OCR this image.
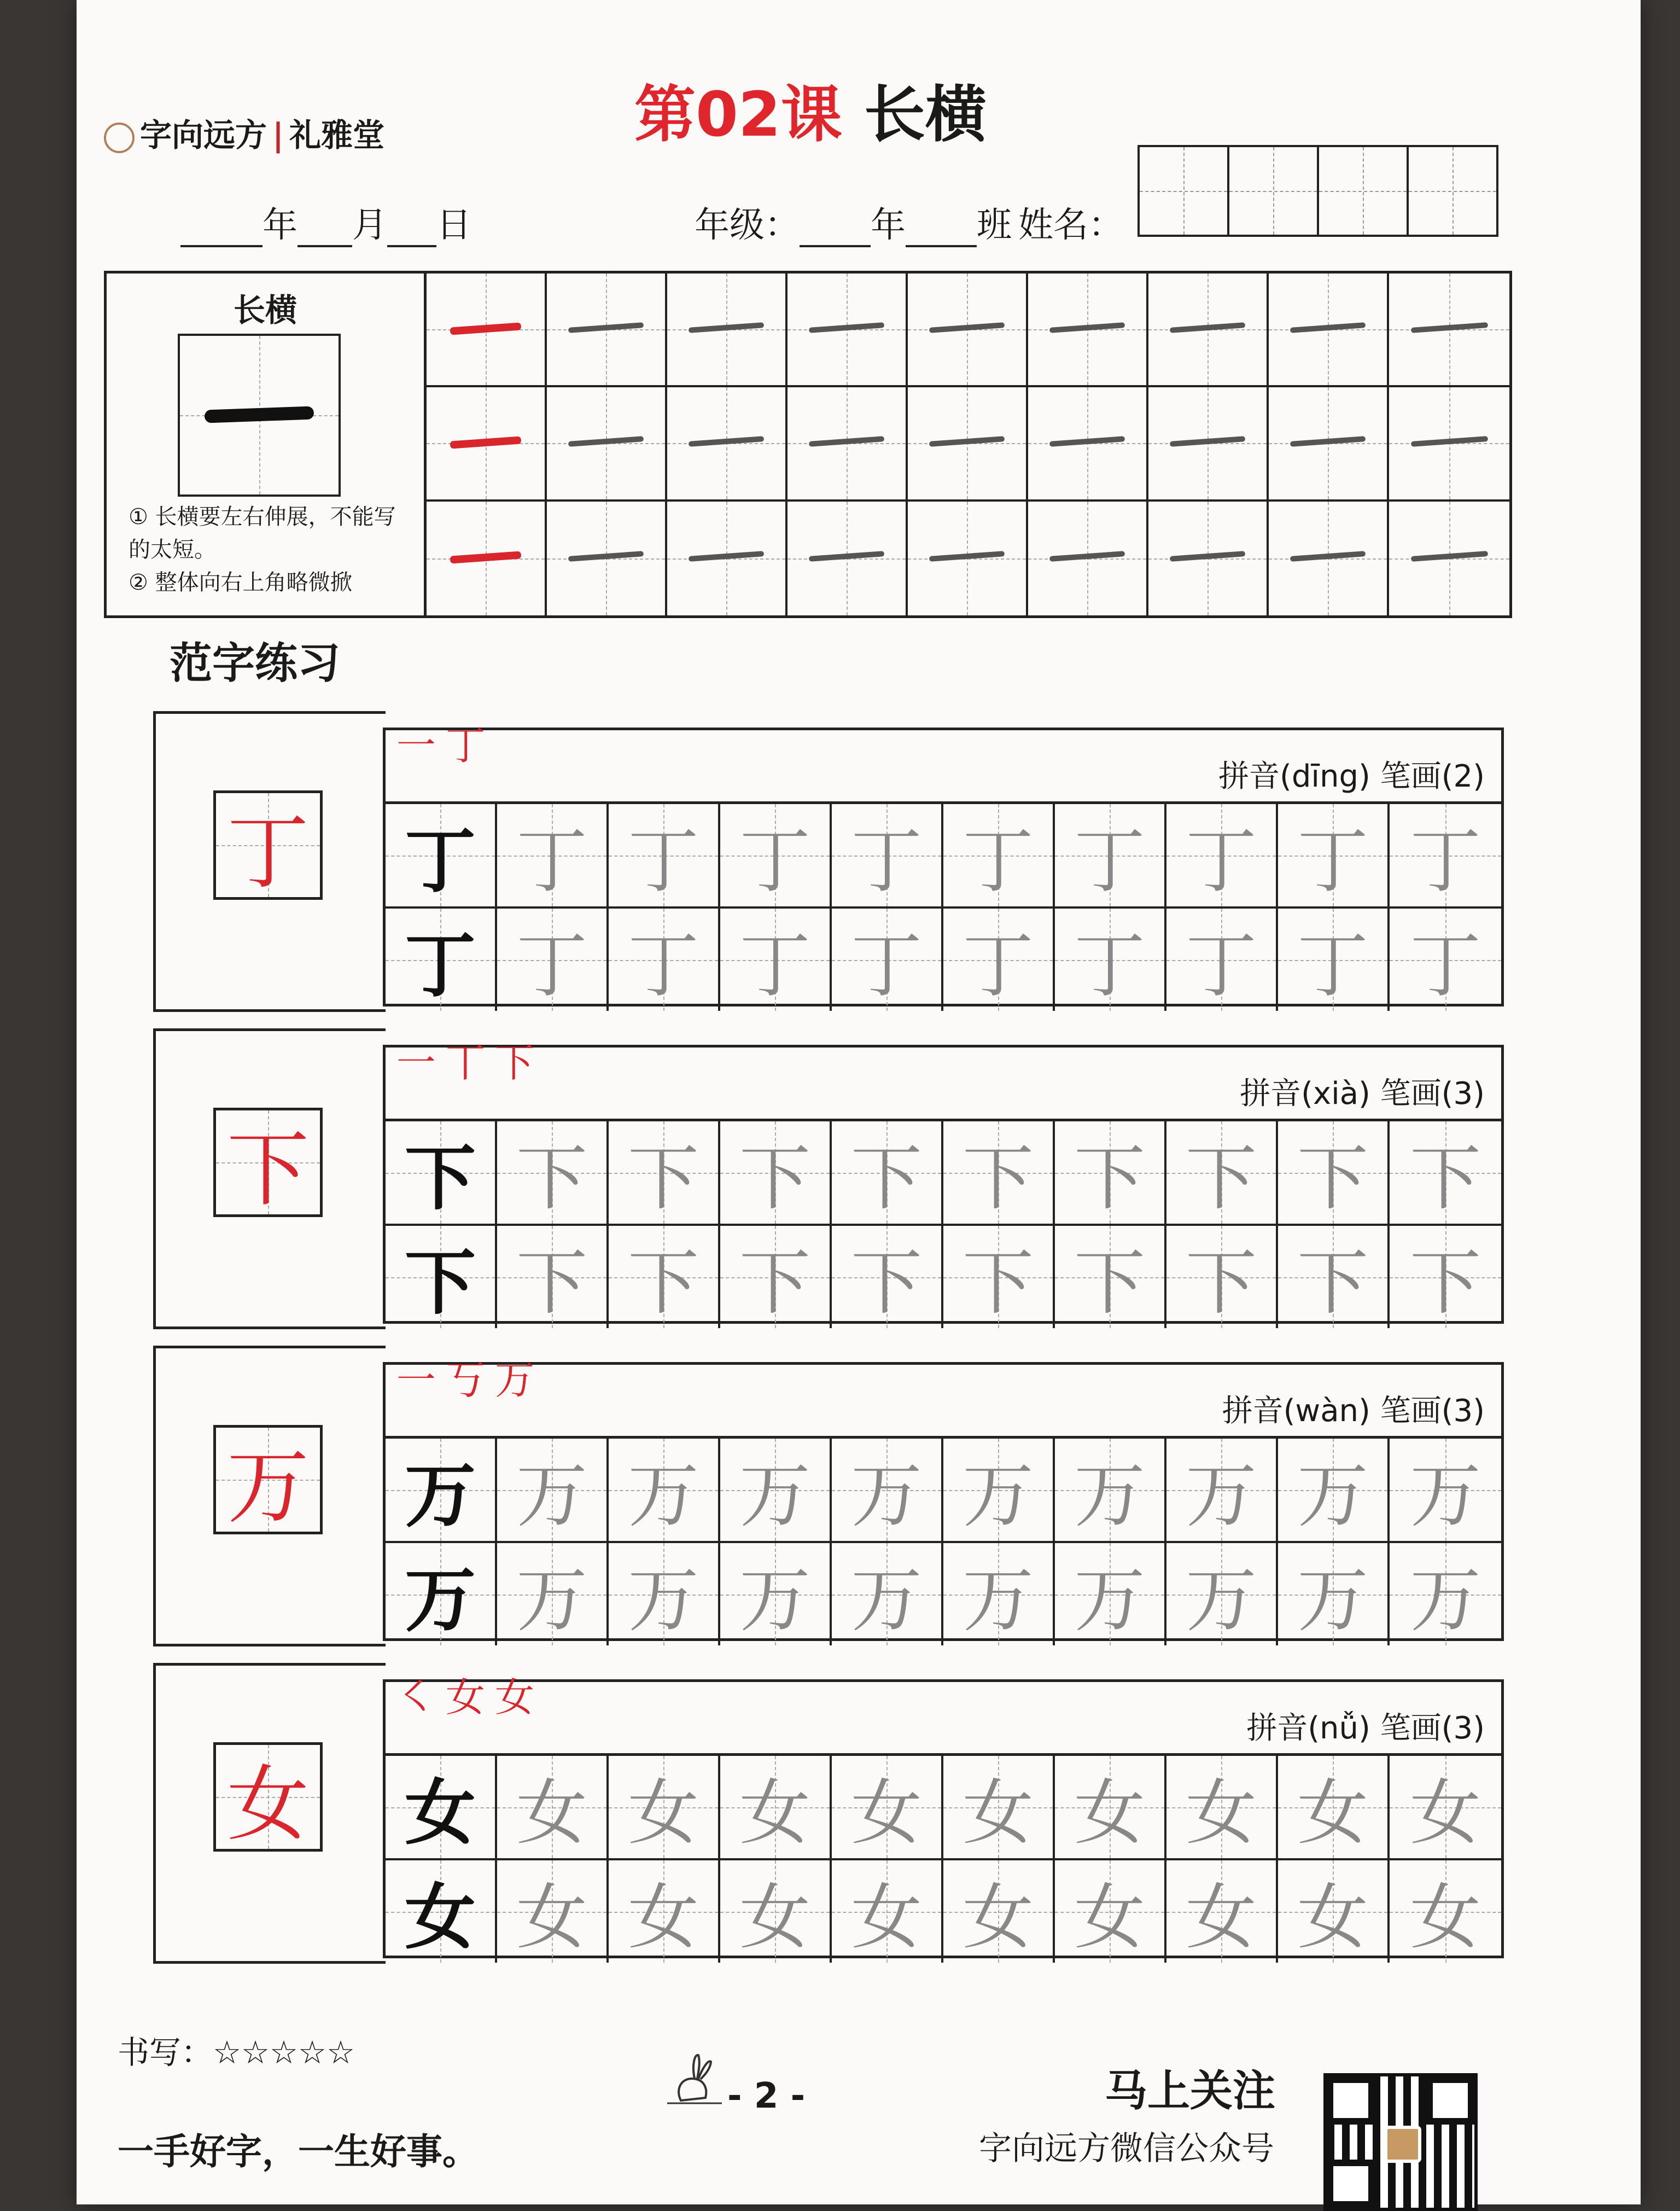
字向远方 | 礼雅堂	第02课 长横
年 月 日	年级： 年 班 姓名：
长横
① 长横要左右伸展，不能写的太短。
② 整体向右上角略微掀
范字练习
丁
一 丁
拼音(dīng) 笔画(2)
丁 丁 丁 丁 丁 丁 丁 丁 丁 丁
丁 丁 丁 丁 丁 丁 丁 丁 丁 丁
下
一 丅 下
拼音(xià) 笔画(3)
下 下 下 下 下 下 下 下 下 下
下 下 下 下 下 下 下 下 下 下
万
一 丂 万
拼音(wàn) 笔画(3)
万 万 万 万 万 万 万 万 万 万
万 万 万 万 万 万 万 万 万 万
女
㇛ ⼥ 女
拼音(nǚ) 笔画(3)
女 女 女 女 女 女 女 女 女 女
女 女 女 女 女 女 女 女 女 女
书写：☆☆☆☆☆
一手好字，一生好事。
- 2 -	马上关注
字向远方微信公众号
